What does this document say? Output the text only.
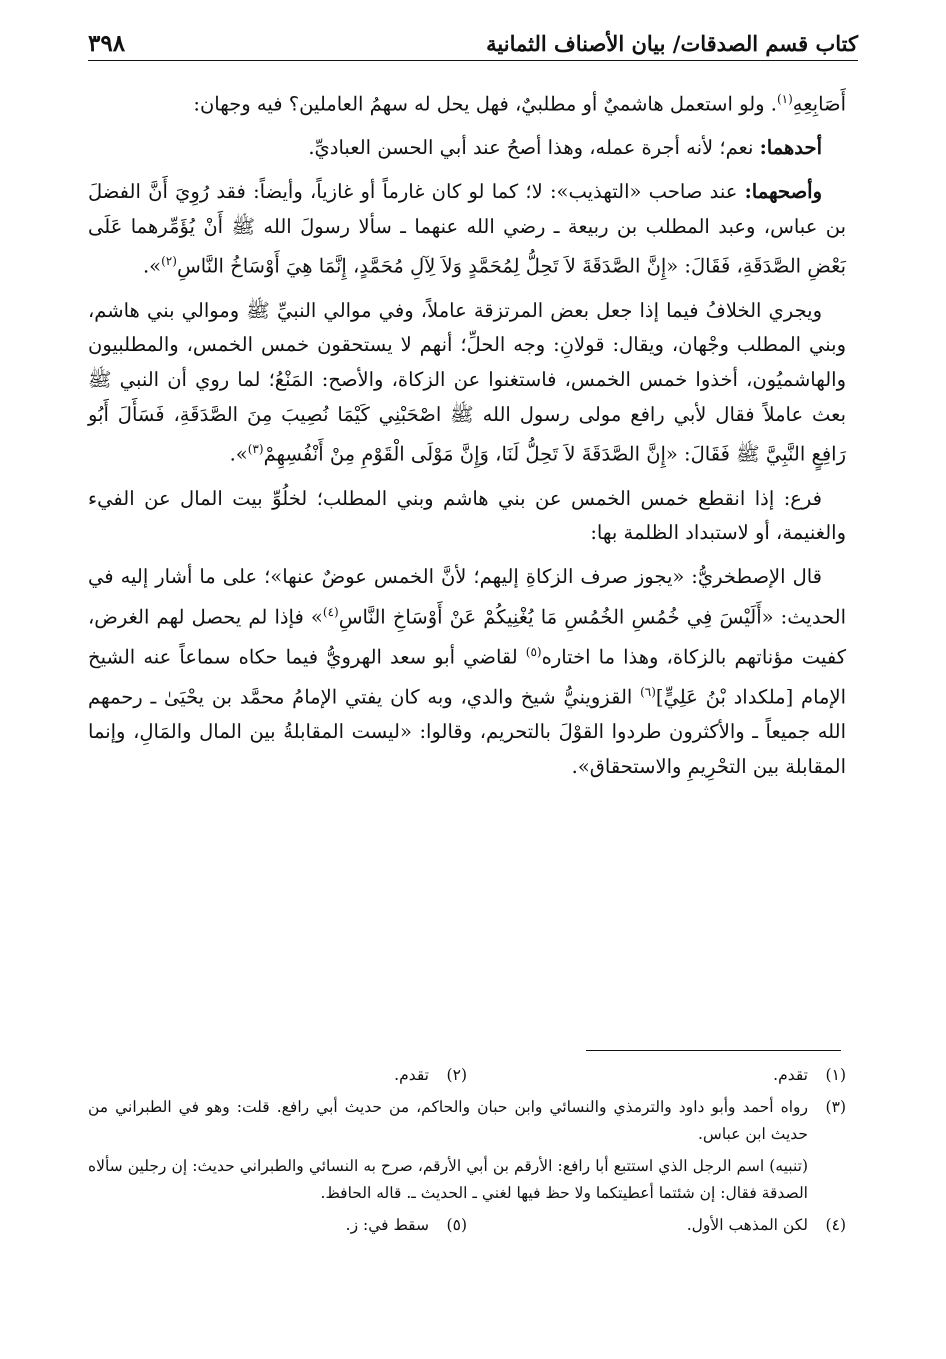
٣٩٨	كتاب قسم الصدقات/ بيان الأصناف الثمانية

أَصَابِعِهِ$^{(١)}$. ولو استعمل هاشميٌ أو مطلبيٌ، فهل يحل له سهمُ العاملين؟ فيه وجهان:

أحدهما: نعم؛ لأنه أجرة عمله، وهذا أصحُ عند أبي الحسن العباديِّ.

وأصحهما: عند صاحب «التهذيب»: لا؛ كما لو كان غارماً أو غازياً، وأيضاً: فقد رُوِيَ أَنَّ الفضلَ بن عباس، وعبد المطلب بن ربيعة ـ رضي الله عنهما ـ سألا رسولَ الله ﷺ أَنْ يُؤَمِّرهما عَلَى بَعْضِ الصَّدَقَةِ، فَقَالَ: «إِنَّ الصَّدَقَةَ لاَ تَحِلُّ لِمُحَمَّدٍ وَلاَ لِآلِ مُحَمَّدٍ، إِنَّمَا هِيَ أَوْسَاخُ النَّاسِ$^{(٢)}$».

ويجري الخلافُ فيما إذا جعل بعض المرتزقة عاملاً، وفي موالي النبيِّ ﷺ وموالي بني هاشم، وبني المطلب وجْهان، ويقال: قولانِ: وجه الحلِّ؛ أنهم لا يستحقون خمس الخمس، والمطلبيون والهاشميُون، أخذوا خمس الخمس، فاستغنوا عن الزكاة، والأصح: المَنْعُ؛ لما روي أن النبي ﷺ بعث عاملاً فقال لأبي رافع مولى رسول الله ﷺ اصْحَبْنِي كَيْمَا نُصِيبَ مِنَ الصَّدَقَةِ، فَسَأَلَ أَبُو رَافِعٍ النَّبِيَّ ﷺ فَقَالَ: «إِنَّ الصَّدَقَةَ لاَ تَحِلُّ لَنَا، وَإِنَّ مَوْلَى الْقَوْمِ مِنْ أَنْفُسِهِمْ$^{(٣)}$».

فرع: إذا انقطع خمس الخمس عن بني هاشم وبني المطلب؛ لخلُوِّ بيت المال عن الفيء والغنيمة، أو لاستبداد الظلمة بها:

قال الإصطخريُّ: «يجوز صرف الزكاةِ إليهم؛ لأنَّ الخمس عوضٌ عنها»؛ على ما أشار إليه في الحديث: «أَلَيْسَ فِي خُمُسِ الخُمُسِ مَا يُغْنِيكُمْ عَنْ أَوْسَاخِ النَّاسِ$^{(٤)}$» فإذا لم يحصل لهم الغرض، كفيت مؤناتهم بالزكاة، وهذا ما اختاره$^{(٥)}$ لقاضي أبو سعد الهرويُّ فيما حكاه سماعاً عنه الشيخ الإمام [ملكداد بْنُ عَلِيٍّ]$^{(٦)}$ القزوينيُّ شيخ والدي، وبه كان يفتي الإمامُ محمَّد بن يحْيَىٰ ـ رحمهم الله جميعاً ـ والأكثرون طردوا القوْلَ بالتحريم، وقالوا: «ليست المقابلةُ بين المال والمَالِ، وإنما المقابلة بين التحْرِيمِ والاستحقاق».

(١)
تقدم.
(٢)
تقدم.
(٣)
رواه أحمد وأبو داود والترمذي والنسائي وابن حبان والحاكم، من حديث أبي رافع. قلت: وهو في الطبراني من حديث ابن عباس.
(تنبيه) اسم الرجل الذي استتبع أبا رافع: الأرقم بن أبي الأرقم، صرح به النسائي والطبراني حديث: إن رجلين سألاه الصدقة فقال: إن شئتما أعطيتكما ولا حظ فيها لغني ـ الحديث ـ. قاله الحافظ.
(٤)
لكن المذهب الأول.
(٥)
سقط في: ز.
